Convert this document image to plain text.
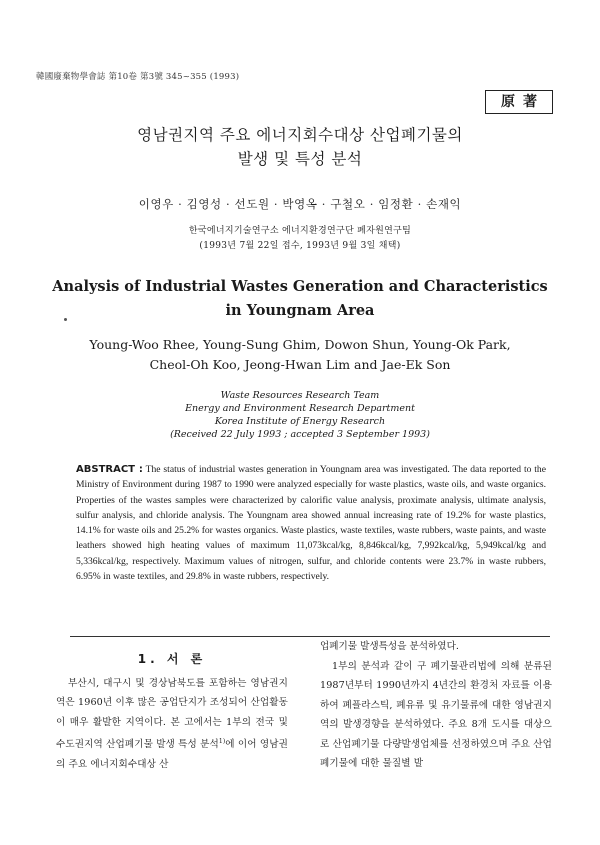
韓國廢棄物學會誌 第10卷 第3號 345~355 (1993)
原著
영남권지역 주요 에너지회수대상 산업폐기물의
발생 및 특성 분석
이영우 · 김영성 · 선도원 · 박영옥 · 구철오 · 임정환 · 손재익
한국에너지기술연구소 에너지환경연구단 폐자원연구팀
(1993년 7월 22일 접수, 1993년 9월 3일 채택)
Analysis of Industrial Wastes Generation and Characteristics
in Youngnam Area
Young-Woo Rhee, Young-Sung Ghim, Dowon Shun, Young-Ok Park,
Cheol-Oh Koo, Jeong-Hwan Lim and Jae-Ek Son
Waste Resources Research Team
Energy and Environment Research Department
Korea Institute of Energy Research
(Received 22 July 1993 ; accepted 3 September 1993)
ABSTRACT : The status of industrial wastes generation in Youngnam area was investigated. The data reported to the Ministry of Environment during 1987 to 1990 were analyzed especially for waste plastics, waste oils, and waste organics. Properties of the wastes samples were characterized by calorific value analysis, proximate analysis, ultimate analysis, sulfur analysis, and chloride analysis. The Youngnam area showed annual increasing rate of 19.2% for waste plastics, 14.1% for waste oils and 25.2% for wastes organics. Waste plastics, waste textiles, waste rubbers, waste paints, and waste leathers showed high heating values of maximum 11,073kcal/kg, 8,846kcal/kg, 7,992kcal/kg, 5,949kcal/kg and 5,336kcal/kg, respectively. Maximum values of nitrogen, sulfur, and chloride contents were 23.7% in waste rubbers, 6.95% in waste textiles, and 29.8% in waste rubbers, respectively.
1. 서 론
부산시, 대구시 및 경상남북도를 포함하는 영남권지역은 1960년 이후 많은 공업단지가 조성되어 산업활동이 매우 활발한 지역이다. 본 고에서는 1부의 전국 및 수도권지역 산업폐기물 발생 특성 분석$^{1)}$에 이어 영남권의 주요 에너지회수대상 산
업폐기물 발생특성을 분석하였다.
1부의 분석과 같이 구 폐기물관리법에 의해 분류된 1987년부터 1990년까지 4년간의 환경처 자료를 이용하여 폐플라스틱, 폐유류 및 유기물류에 대한 영남권지역의 발생경향을 분석하였다. 주요 8개 도시를 대상으로 산업폐기물 다량발생업체를 선정하였으며 주요 산업폐기물에 대한 물질별 발
